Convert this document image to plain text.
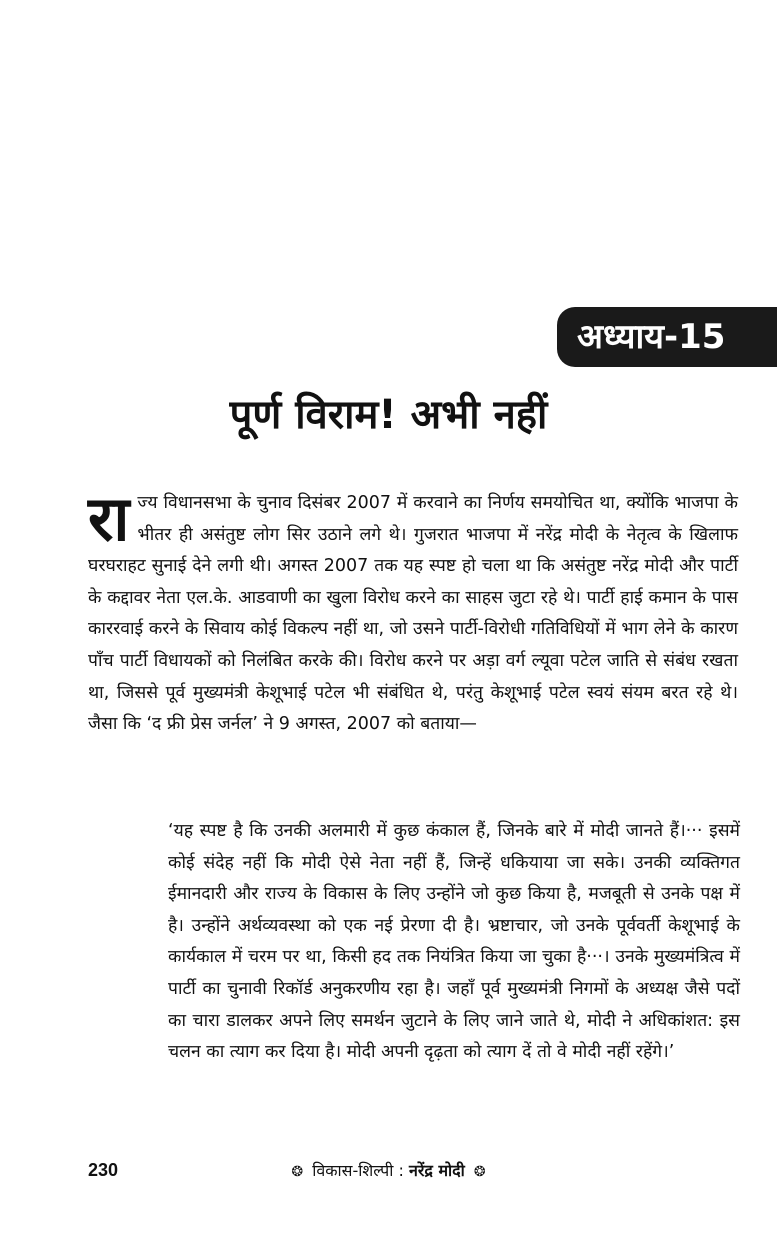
अध्याय-15
पूर्ण विराम! अभी नहीं
राज्य विधानसभा के चुनाव दिसंबर 2007 में करवाने का निर्णय समयोचित था, क्योंकि भाजपा के भीतर ही असंतुष्ट लोग सिर उठाने लगे थे। गुजरात भाजपा में नरेंद्र मोदी के नेतृत्व के खिलाफ घरघराहट सुनाई देने लगी थी। अगस्त 2007 तक यह स्पष्ट हो चला था कि असंतुष्ट नरेंद्र मोदी और पार्टी के कद्दावर नेता एल.के. आडवाणी का खुला विरोध करने का साहस जुटा रहे थे। पार्टी हाई कमान के पास काररवाई करने के सिवाय कोई विकल्प नहीं था, जो उसने पार्टी-विरोधी गतिविधियों में भाग लेने के कारण पाँच पार्टी विधायकों को निलंबित करके की। विरोध करने पर अड़ा वर्ग ल्यूवा पटेल जाति से संबंध रखता था, जिससे पूर्व मुख्यमंत्री केशूभाई पटेल भी संबंधित थे, परंतु केशूभाई पटेल स्वयं संयम बरत रहे थे। जैसा कि ‘द फ्री प्रेस जर्नल’ ने 9 अगस्त, 2007 को बताया—
‘यह स्पष्ट है कि उनकी अलमारी में कुछ कंकाल हैं, जिनके बारे में मोदी जानते हैं।··· इसमें कोई संदेह नहीं कि मोदी ऐसे नेता नहीं हैं, जिन्हें धकियाया जा सके। उनकी व्यक्तिगत ईमानदारी और राज्य के विकास के लिए उन्होंने जो कुछ किया है, मजबूती से उनके पक्ष में है। उन्होंने अर्थव्यवस्था को एक नई प्रेरणा दी है। भ्रष्टाचार, जो उनके पूर्ववर्ती केशूभाई के कार्यकाल में चरम पर था, किसी हद तक नियंत्रित किया जा चुका है···। उनके मुख्यमंत्रित्व में पार्टी का चुनावी रिकॉर्ड अनुकरणीय रहा है। जहाँ पूर्व मुख्यमंत्री निगमों के अध्यक्ष जैसे पदों का चारा डालकर अपने लिए समर्थन जुटाने के लिए जाने जाते थे, मोदी ने अधिकांशत: इस चलन का त्याग कर दिया है। मोदी अपनी दृढ़ता को त्याग दें तो वे मोदी नहीं रहेंगे।’
230	❂ विकास-शिल्पी : नरेंद्र मोदी ❂
